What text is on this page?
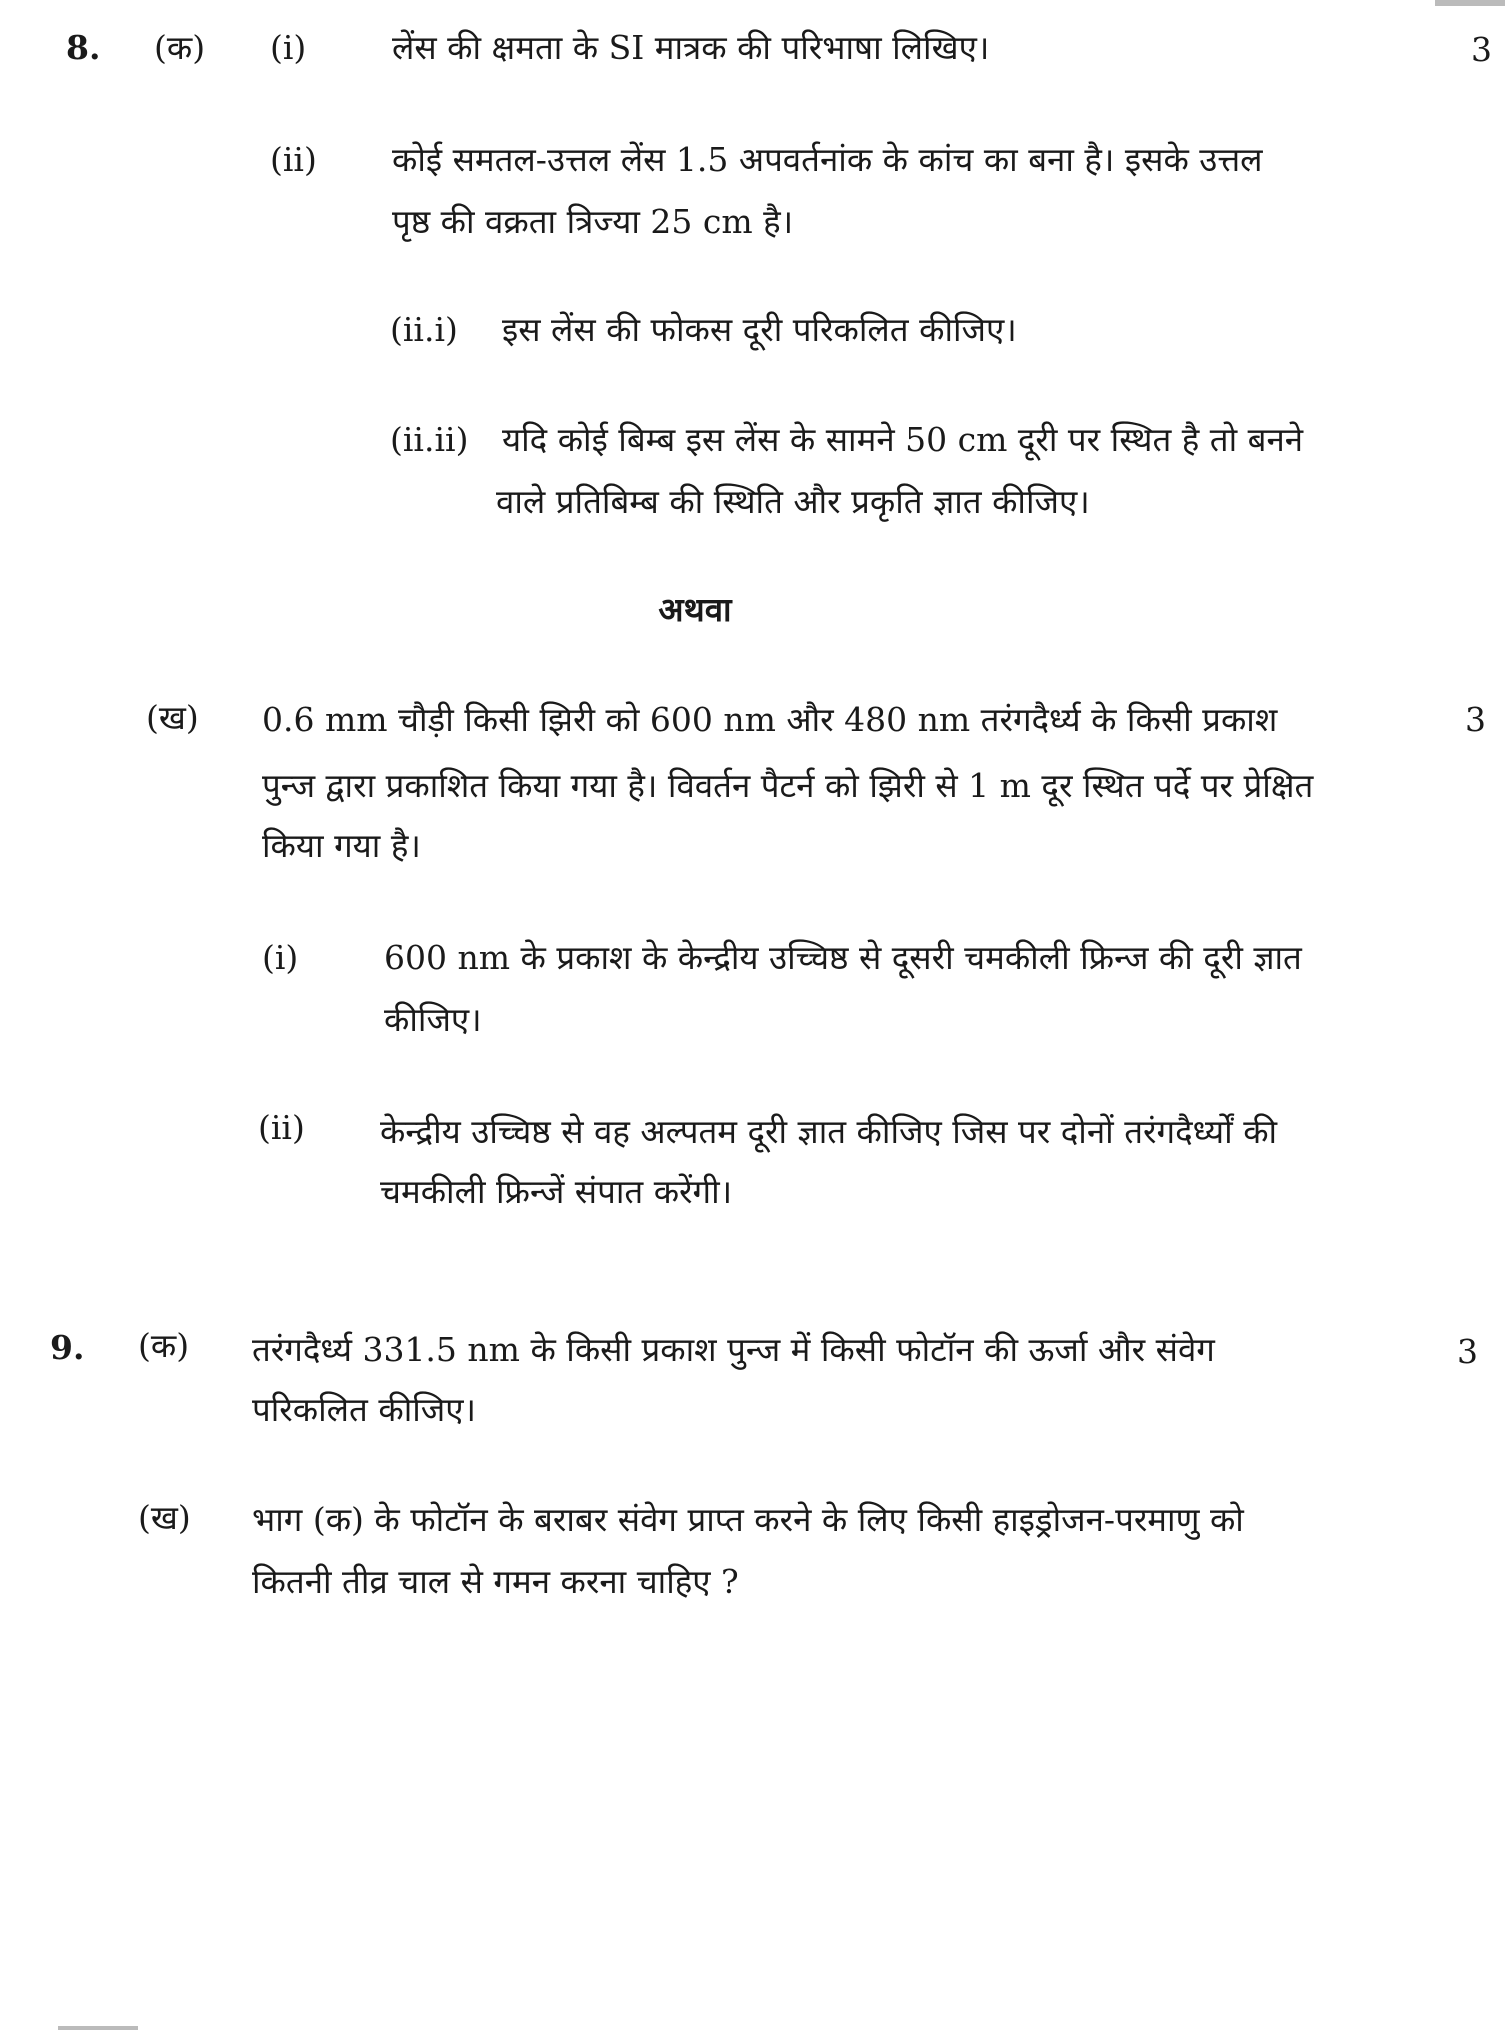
8. (क) (i)	लेंस की क्षमता के SI मात्रक की परिभाषा लिखिए।	3
(ii) कोई समतल-उत्तल लेंस 1.5 अपवर्तनांक के कांच का बना है। इसके उत्तल
पृष्ठ की वक्रता त्रिज्या 25 cm है।
(ii.i) इस लेंस की फोकस दूरी परिकलित कीजिए।
(ii.ii) यदि कोई बिम्ब इस लेंस के सामने 50 cm दूरी पर स्थित है तो बनने
वाले प्रतिबिम्ब की स्थिति और प्रकृति ज्ञात कीजिए।
अथवा
(ख) 0.6 mm चौड़ी किसी झिरी को 600 nm और 480 nm तरंगदैर्ध्य के किसी प्रकाश	3
पुन्ज द्वारा प्रकाशित किया गया है। विवर्तन पैटर्न को झिरी से 1 m दूर स्थित पर्दे पर प्रेक्षित
किया गया है।
(i)	600 nm के प्रकाश के केन्द्रीय उच्चिष्ठ से दूसरी चमकीली फ्रिन्ज की दूरी ज्ञात
कीजिए।
(ii) केन्द्रीय उच्चिष्ठ से वह अल्पतम दूरी ज्ञात कीजिए जिस पर दोनों तरंगदैर्ध्यों की
चमकीली फ्रिन्जें संपात करेंगी।
9. (क) तरंगदैर्ध्य 331.5 nm के किसी प्रकाश पुन्ज में किसी फोटॉन की ऊर्जा और संवेग	3
परिकलित कीजिए।
(ख) भाग (क) के फोटॉन के बराबर संवेग प्राप्त करने के लिए किसी हाइड्रोजन-परमाणु को
कितनी तीव्र चाल से गमन करना चाहिए ?
